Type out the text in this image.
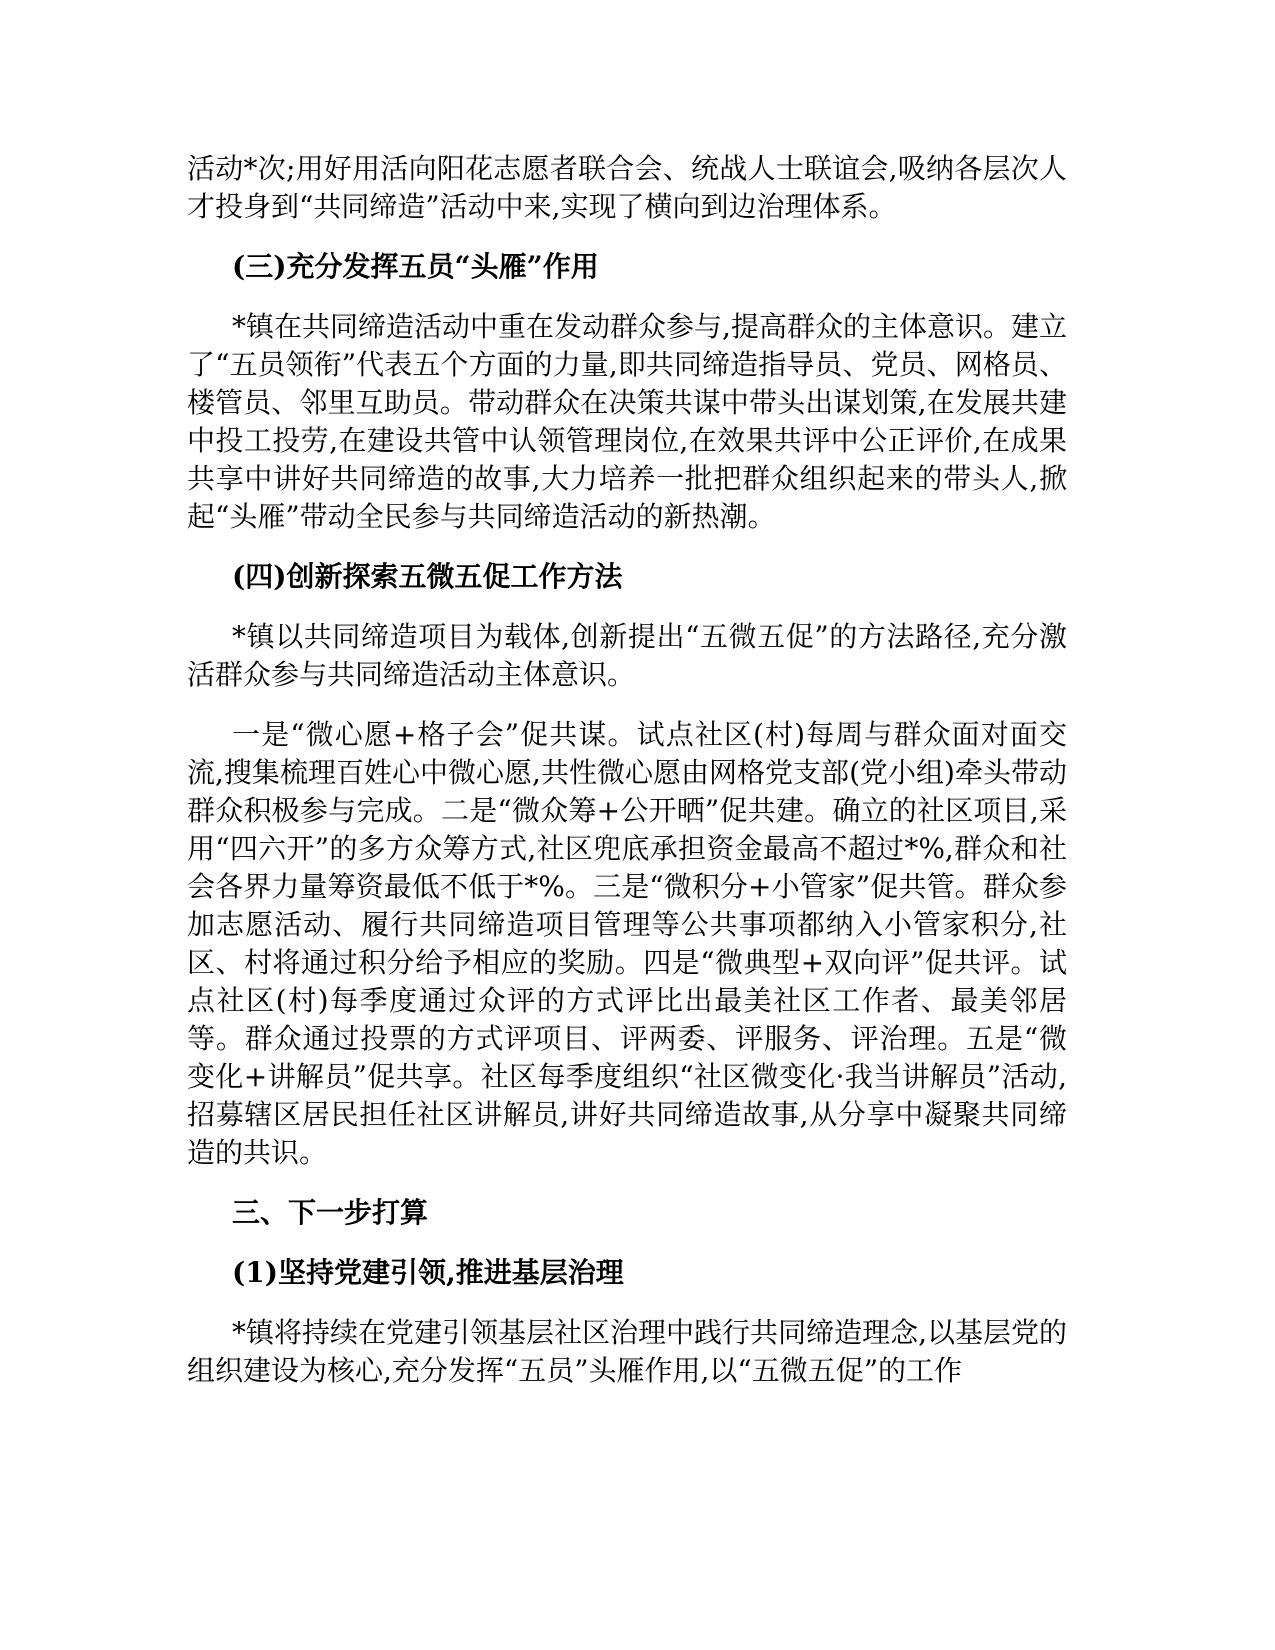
活动*次;用好用活向阳花志愿者联合会、统战人士联谊会,吸纳各层次人才投身到“共同缔造”活动中来,实现了横向到边治理体系。

(三)充分发挥五员“头雁”作用

*镇在共同缔造活动中重在发动群众参与,提高群众的主体意识。建立了“五员领衔”代表五个方面的力量,即共同缔造指导员、党员、网格员、楼管员、邻里互助员。带动群众在决策共谋中带头出谋划策,在发展共建中投工投劳,在建设共管中认领管理岗位,在效果共评中公正评价,在成果共享中讲好共同缔造的故事,大力培养一批把群众组织起来的带头人,掀起“头雁”带动全民参与共同缔造活动的新热潮。

(四)创新探索五微五促工作方法

*镇以共同缔造项目为载体,创新提出“五微五促”的方法路径,充分激活群众参与共同缔造活动主体意识。

一是“微心愿+格子会”促共谋。试点社区(村)每周与群众面对面交流,搜集梳理百姓心中微心愿,共性微心愿由网格党支部(党小组)牵头带动群众积极参与完成。二是“微众筹+公开晒”促共建。确立的社区项目,采用“四六开”的多方众筹方式,社区兜底承担资金最高不超过*%,群众和社会各界力量筹资最低不低于*%。三是“微积分+小管家”促共管。群众参加志愿活动、履行共同缔造项目管理等公共事项都纳入小管家积分,社区、村将通过积分给予相应的奖励。四是“微典型+双向评”促共评。试点社区(村)每季度通过众评的方式评比出最美社区工作者、最美邻居等。群众通过投票的方式评项目、评两委、评服务、评治理。五是“微变化+讲解员”促共享。社区每季度组织“社区微变化·我当讲解员”活动,招募辖区居民担任社区讲解员,讲好共同缔造故事,从分享中凝聚共同缔造的共识。

三、下一步打算

(1)坚持党建引领,推进基层治理

*镇将持续在党建引领基层社区治理中践行共同缔造理念,以基层党的组织建设为核心,充分发挥“五员”头雁作用,以“五微五促”的工作
